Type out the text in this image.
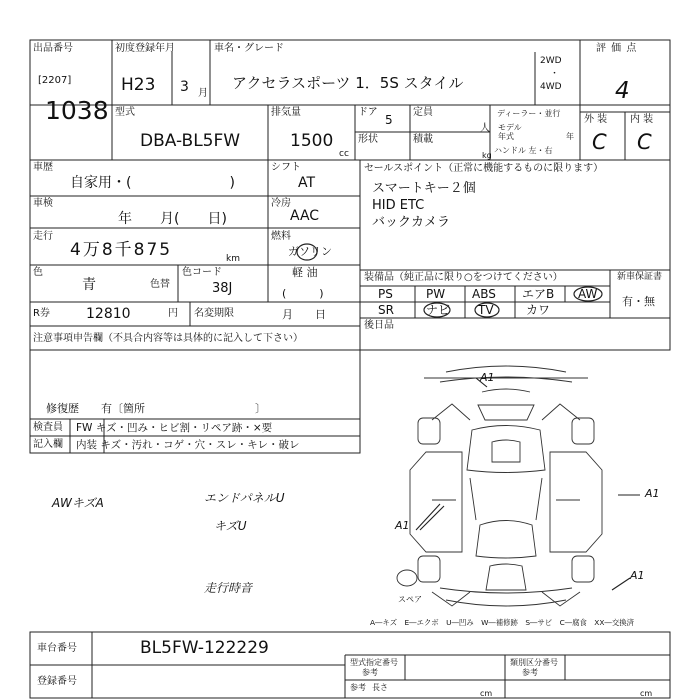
出品番号
[2207]
1038
初度登録年月
H23 3 月
車名・グレード
アクセラスポーツ 1．5S スタイル
2WD
・
4WD
評 価 点
4
外 装 内 装
C C
型式
DBA-BL5FW
排気量
1500
cc
ドア
5
定員
人
形状	積載
kg
ディーラー・並行
モデル
年式	年
ハンドル 左・右
車歴
自家用・(　　　　　　　)
シフト
AT
セールスポイント（正常に機能するものに限ります）
スマートキー２個
HID ETC
バックカメラ
車検
年　　月(　　日)
冷房
AAC
走行
4万8千875	km
燃料
ガソリン
軽 油
(　　　)
色
青	色替
色コード
38J
R券	12810	円 名変期限	月　　日
装備品（純正品に限り○をつけてください）	新車保証書
有・無
PS	PW ABS エアB AW
SR	ナビ TV	カワ
後日品
注意事項申告欄（不具合内容等は具体的に記入して下さい）
修復歴　　有〔箇所　　　　　　　　　　〕
検査員
記入欄
FW キズ・凹み・ヒビ割・リペア跡・×要
内装 キズ・汚れ・コゲ・穴・スレ・キレ・破レ
AWキズA	エンドパネルU
キズU
走行時音
スペア
A1
A1
A1
A1
A―キズ　E―エクボ　U―凹み　W―補修跡　S―サビ　C―腐食　XX―交換済
車台番号	BL5FW-122229
登録番号
型式指定番号
参考
類別区分番号
参考
参考 長さ
cm	cm
